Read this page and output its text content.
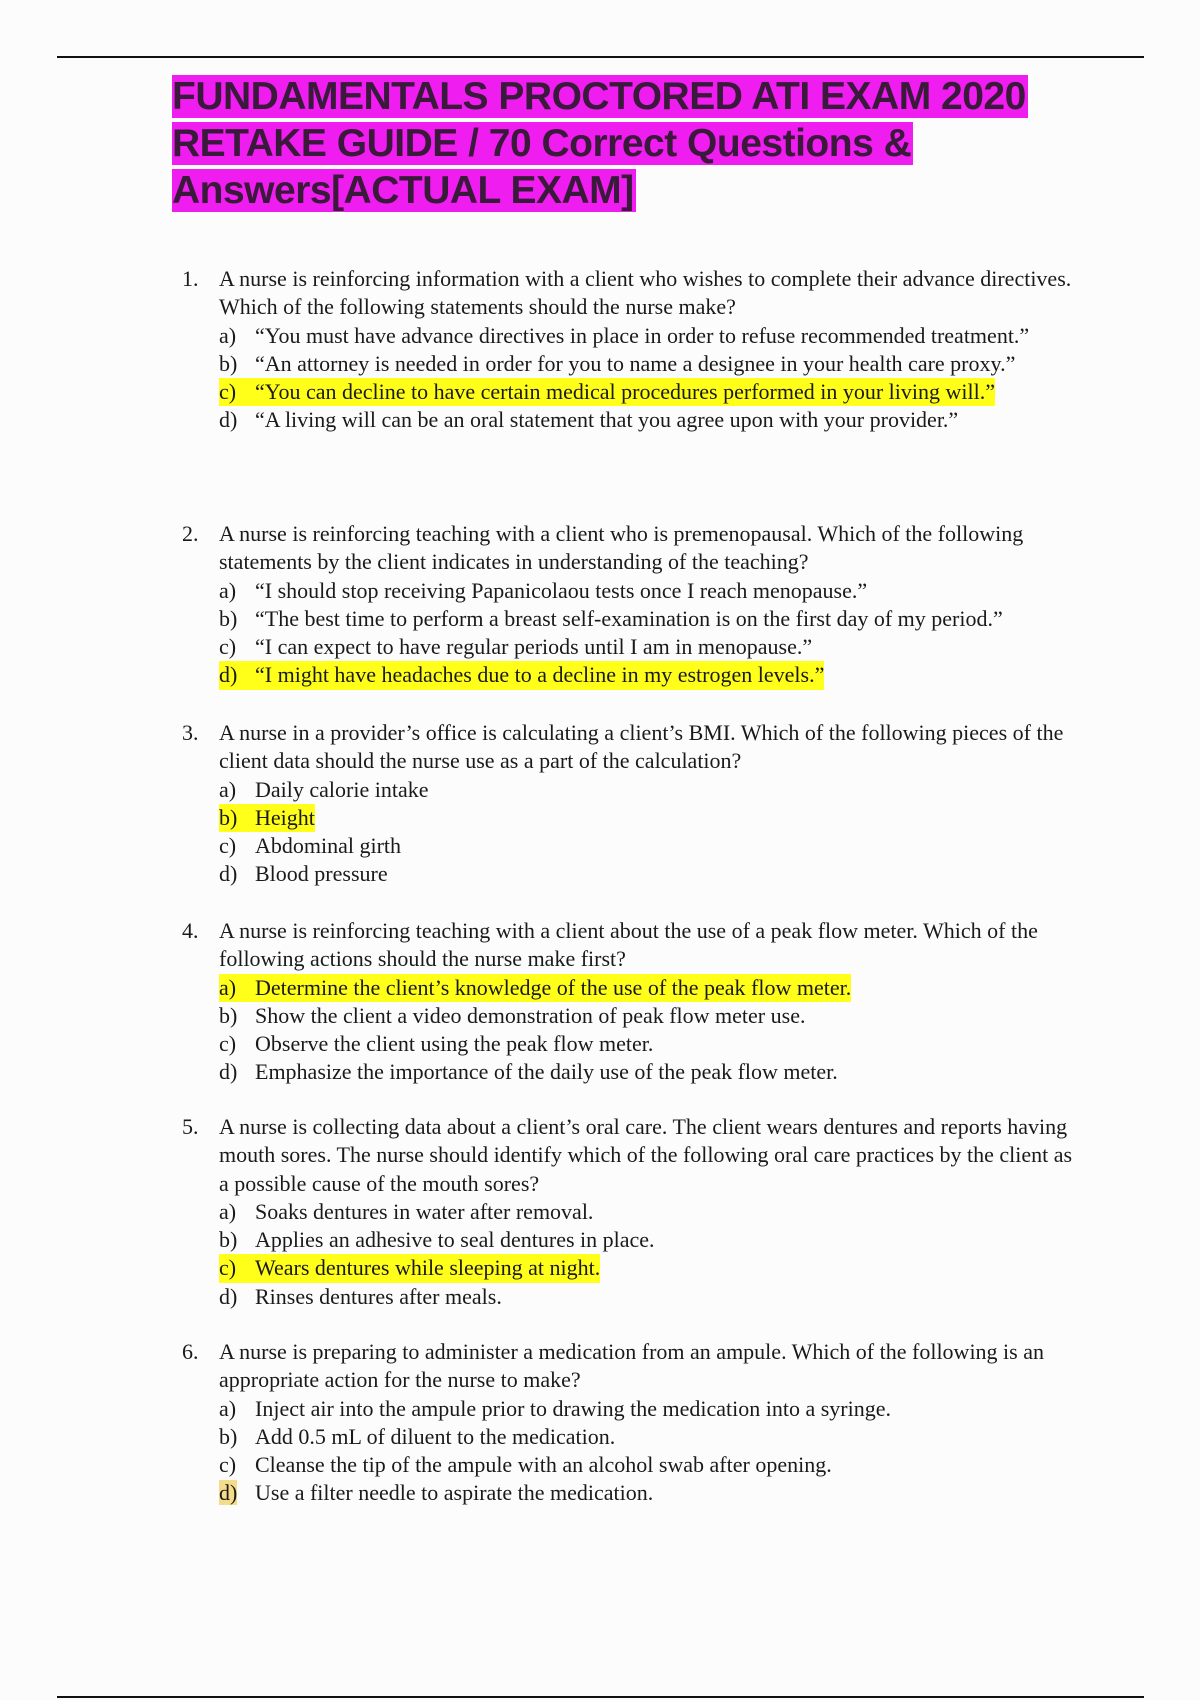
FUNDAMENTALS PROCTORED ATI EXAM 2020 RETAKE GUIDE / 70 Correct Questions & Answers[ACTUAL EXAM]
1. A nurse is reinforcing information with a client who wishes to complete their advance directives. Which of the following statements should the nurse make?
a) “You must have advance directives in place in order to refuse recommended treatment.”
b) “An attorney is needed in order for you to name a designee in your health care proxy.”
c) “You can decline to have certain medical procedures performed in your living will.”
d) “A living will can be an oral statement that you agree upon with your provider.”
2. A nurse is reinforcing teaching with a client who is premenopausal. Which of the following statements by the client indicates in understanding of the teaching?
a) “I should stop receiving Papanicolaou tests once I reach menopause.”
b) “The best time to perform a breast self-examination is on the first day of my period.”
c) “I can expect to have regular periods until I am in menopause.”
d) “I might have headaches due to a decline in my estrogen levels.”
3. A nurse in a provider’s office is calculating a client’s BMI. Which of the following pieces of the client data should the nurse use as a part of the calculation?
a) Daily calorie intake
b) Height
c) Abdominal girth
d) Blood pressure
4. A nurse is reinforcing teaching with a client about the use of a peak flow meter. Which of the following actions should the nurse make first?
a) Determine the client’s knowledge of the use of the peak flow meter.
b) Show the client a video demonstration of peak flow meter use.
c) Observe the client using the peak flow meter.
d) Emphasize the importance of the daily use of the peak flow meter.
5. A nurse is collecting data about a client’s oral care. The client wears dentures and reports having mouth sores. The nurse should identify which of the following oral care practices by the client as a possible cause of the mouth sores?
a) Soaks dentures in water after removal.
b) Applies an adhesive to seal dentures in place.
c) Wears dentures while sleeping at night.
d) Rinses dentures after meals.
6. A nurse is preparing to administer a medication from an ampule. Which of the following is an appropriate action for the nurse to make?
a) Inject air into the ampule prior to drawing the medication into a syringe.
b) Add 0.5 mL of diluent to the medication.
c) Cleanse the tip of the ampule with an alcohol swab after opening.
d) Use a filter needle to aspirate the medication.
